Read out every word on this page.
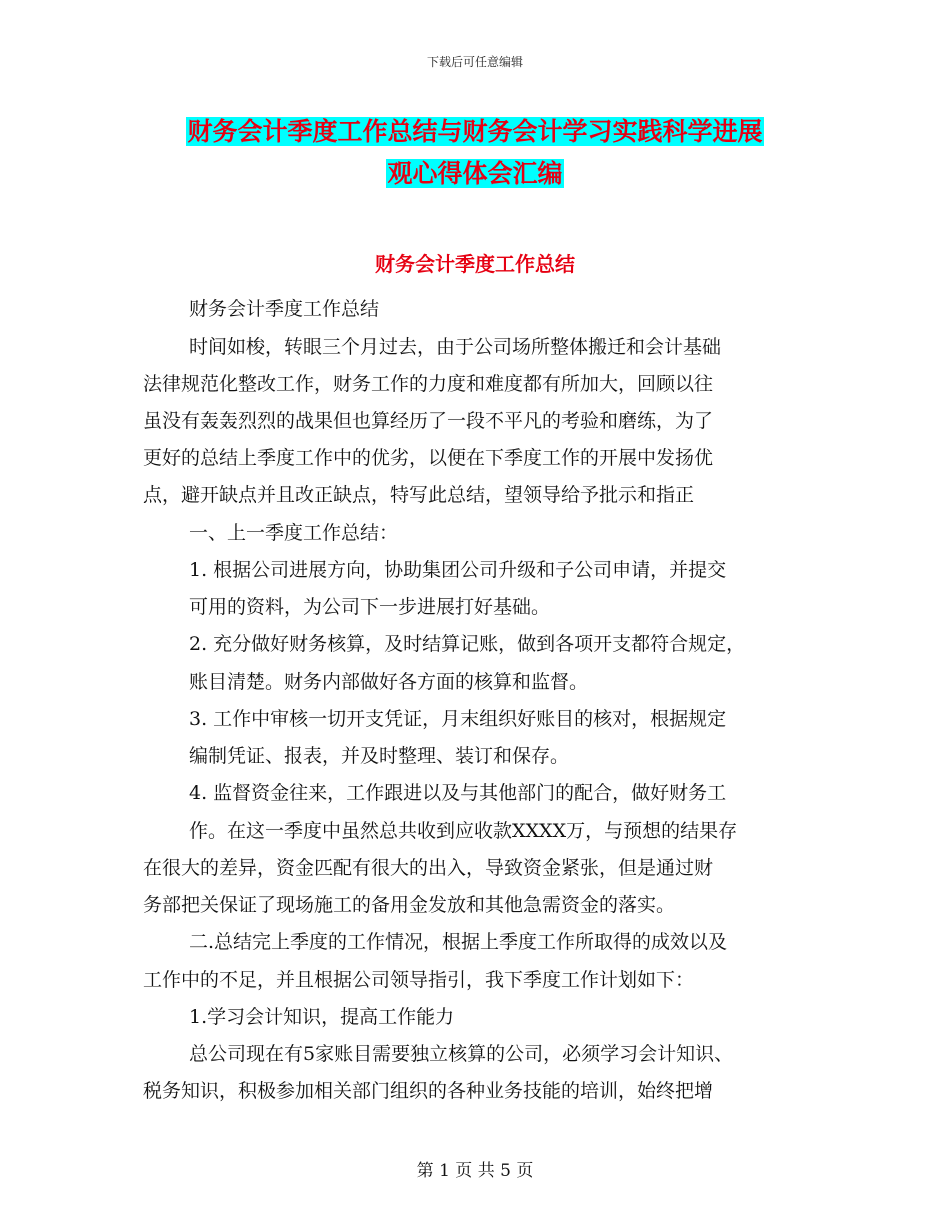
下载后可任意编辑
财务会计季度工作总结与财务会计学习实践科学进展
观心得体会汇编
财务会计季度工作总结
财务会计季度工作总结
时间如梭，转眼三个月过去，由于公司场所整体搬迁和会计基础
法律规范化整改工作，财务工作的力度和难度都有所加大，回顾以往
虽没有轰轰烈烈的战果但也算经历了一段不平凡的考验和磨练，为了
更好的总结上季度工作中的优劣，以便在下季度工作的开展中发扬优
点，避开缺点并且改正缺点，特写此总结，望领导给予批示和指正
一、上一季度工作总结：
1. 根据公司进展方向，协助集团公司升级和子公司申请，并提交
可用的资料，为公司下一步进展打好基础。
2. 充分做好财务核算，及时结算记账，做到各项开支都符合规定，
账目清楚。财务内部做好各方面的核算和监督。
3. 工作中审核一切开支凭证，月末组织好账目的核对，根据规定
编制凭证、报表，并及时整理、装订和保存。
4. 监督资金往来，工作跟进以及与其他部门的配合，做好财务工
作。在这一季度中虽然总共收到应收款XXXX万，与预想的结果存
在很大的差异，资金匹配有很大的出入，导致资金紧张，但是通过财
务部把关保证了现场施工的备用金发放和其他急需资金的落实。
二.总结完上季度的工作情况，根据上季度工作所取得的成效以及
工作中的不足，并且根据公司领导指引，我下季度工作计划如下：
1.学习会计知识，提高工作能力
总公司现在有5家账目需要独立核算的公司，必须学习会计知识、
税务知识，积极参加相关部门组织的各种业务技能的培训，始终把增
第 1 页 共 5 页
